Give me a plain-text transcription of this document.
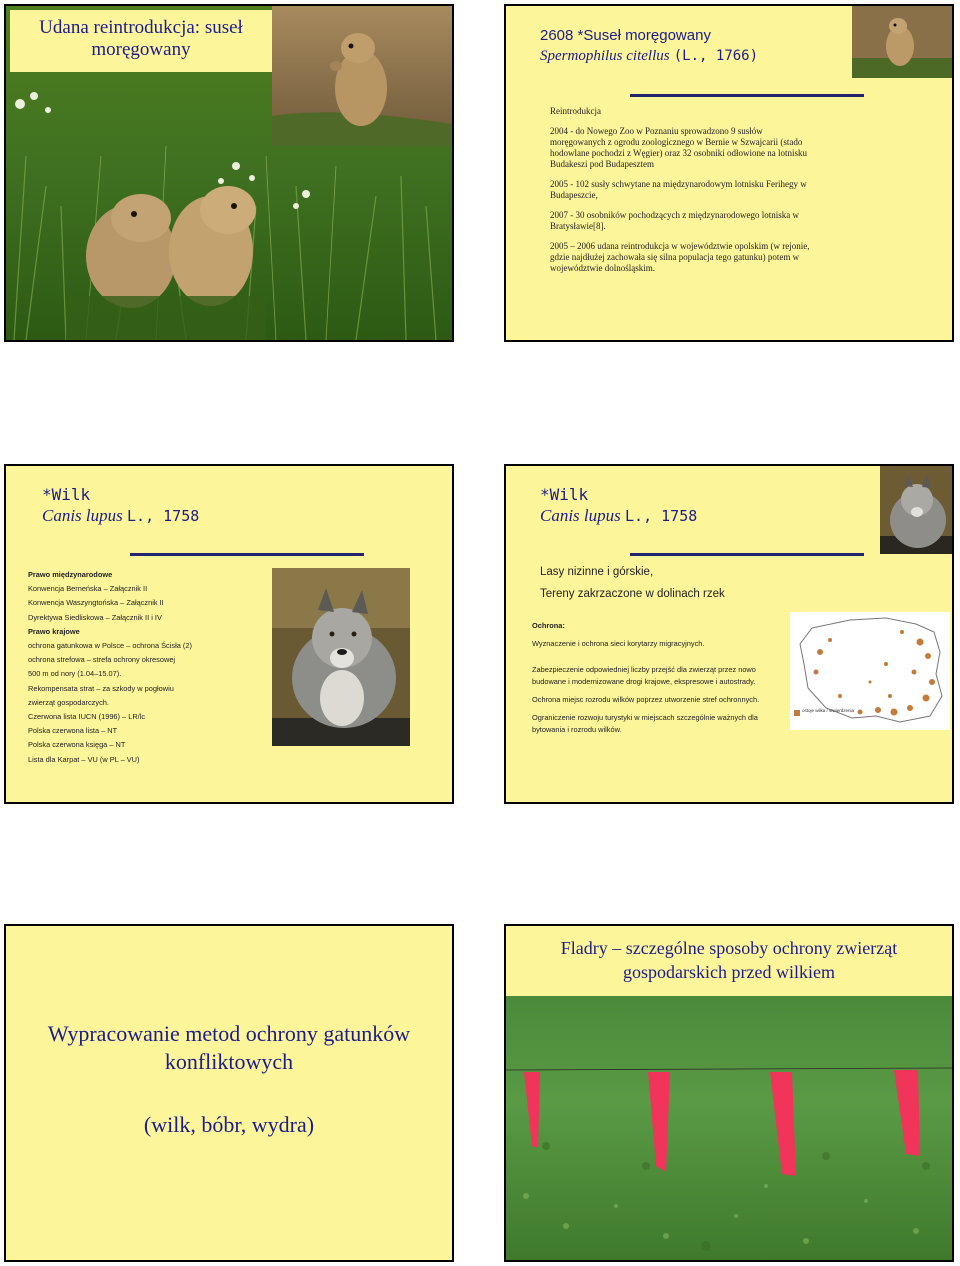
Udana reintrodukcja: suseł moręgowany
2608 *Suseł moręgowany
Spermophilus citellus (L., 1766)
Reintrodukcja
2004 - do Nowego Zoo w Poznaniu sprowadzono 9 susłów moręgowanych z ogrodu zoologicznego w Bernie w Szwajcarii (stado hodowlane pochodzi z Węgier) oraz 32 osobniki odłowione na lotnisku Budakeszi pod Budapesztem
2005 - 102 susły schwytane na międzynarodowym lotnisku Ferihegy w Budapeszcie,
2007 - 30 osobników pochodzących z międzynarodowego lotniska w Bratysławie[8].
2005 – 2006 udana reintrodukcja w województwie opolskim (w rejonie, gdzie najdłużej zachowała się silna populacja tego gatunku) potem w województwie dolnośląskim.
*Wilk
Canis lupus L., 1758
Prawo międzynarodowe
Konwencja Berneńska – Załącznik II
Konwencja Waszyngtońska – Załącznik II
Dyrektywa Siedliskowa – Załącznik II i IV
Prawo krajowe
ochrona gatunkowa w Polsce – ochrona Ścisła (2)
ochrona strefowa – strefa ochrony okresowej
500 m od nory (1.04–15.07).
Rekompensata strat – za szkody w pogłowiu
zwierząt gospodarczych.
Czerwona lista IUCN (1996) – LR/lc
Polska czerwona lista – NT
Polska czerwona księga – NT
Lista dla Karpat – VU (w PL – VU)
*Wilk
Canis lupus L., 1758
Lasy nizinne i górskie,
Tereny zakrzaczone w dolinach rzek
Ochrona:
Wyznaczenie i ochrona sieci korytarzy migracyjnych.
Zabezpieczenie odpowiedniej liczby przejść dla zwierząt przez nowo budowane i modernizowane drogi krajowe, ekspresowe i autostrady.
Ochrona miejsc rozrodu wilków poprzez utworzenie stref ochronnych.
Ograniczenie rozwoju turystyki w miejscach szczególnie ważnych dla bytowania i rozrodu wilków.
ostoje wilka / stwierdzenia
Wypracowanie metod ochrony gatunków konfliktowych
(wilk, bóbr, wydra)
Fladry – szczególne sposoby ochrony zwierząt gospodarskich przed wilkiem
